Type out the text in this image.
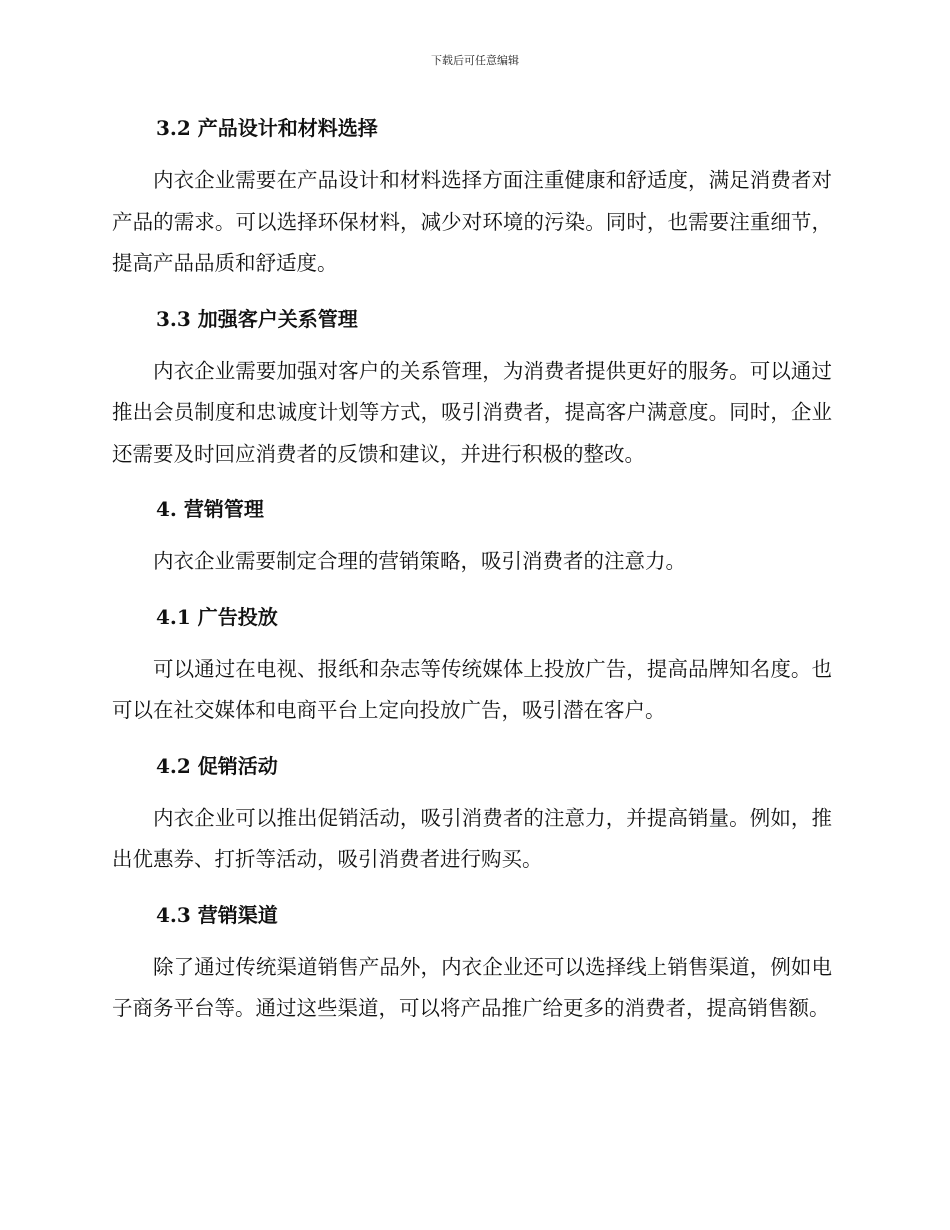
下载后可任意编辑
3.2 产品设计和材料选择

内衣企业需要在产品设计和材料选择方面注重健康和舒适度，满足消费者对产品的需求。可以选择环保材料，减少对环境的污染。同时，也需要注重细节，提高产品品质和舒适度。

3.3 加强客户关系管理

内衣企业需要加强对客户的关系管理，为消费者提供更好的服务。可以通过推出会员制度和忠诚度计划等方式，吸引消费者，提高客户满意度。同时，企业还需要及时回应消费者的反馈和建议，并进行积极的整改。

4. 营销管理

内衣企业需要制定合理的营销策略，吸引消费者的注意力。

4.1 广告投放

可以通过在电视、报纸和杂志等传统媒体上投放广告，提高品牌知名度。也可以在社交媒体和电商平台上定向投放广告，吸引潜在客户。

4.2 促销活动

内衣企业可以推出促销活动，吸引消费者的注意力，并提高销量。例如，推出优惠券、打折等活动，吸引消费者进行购买。

4.3 营销渠道

除了通过传统渠道销售产品外，内衣企业还可以选择线上销售渠道，例如电子商务平台等。通过这些渠道，可以将产品推广给更多的消费者，提高销售额。
